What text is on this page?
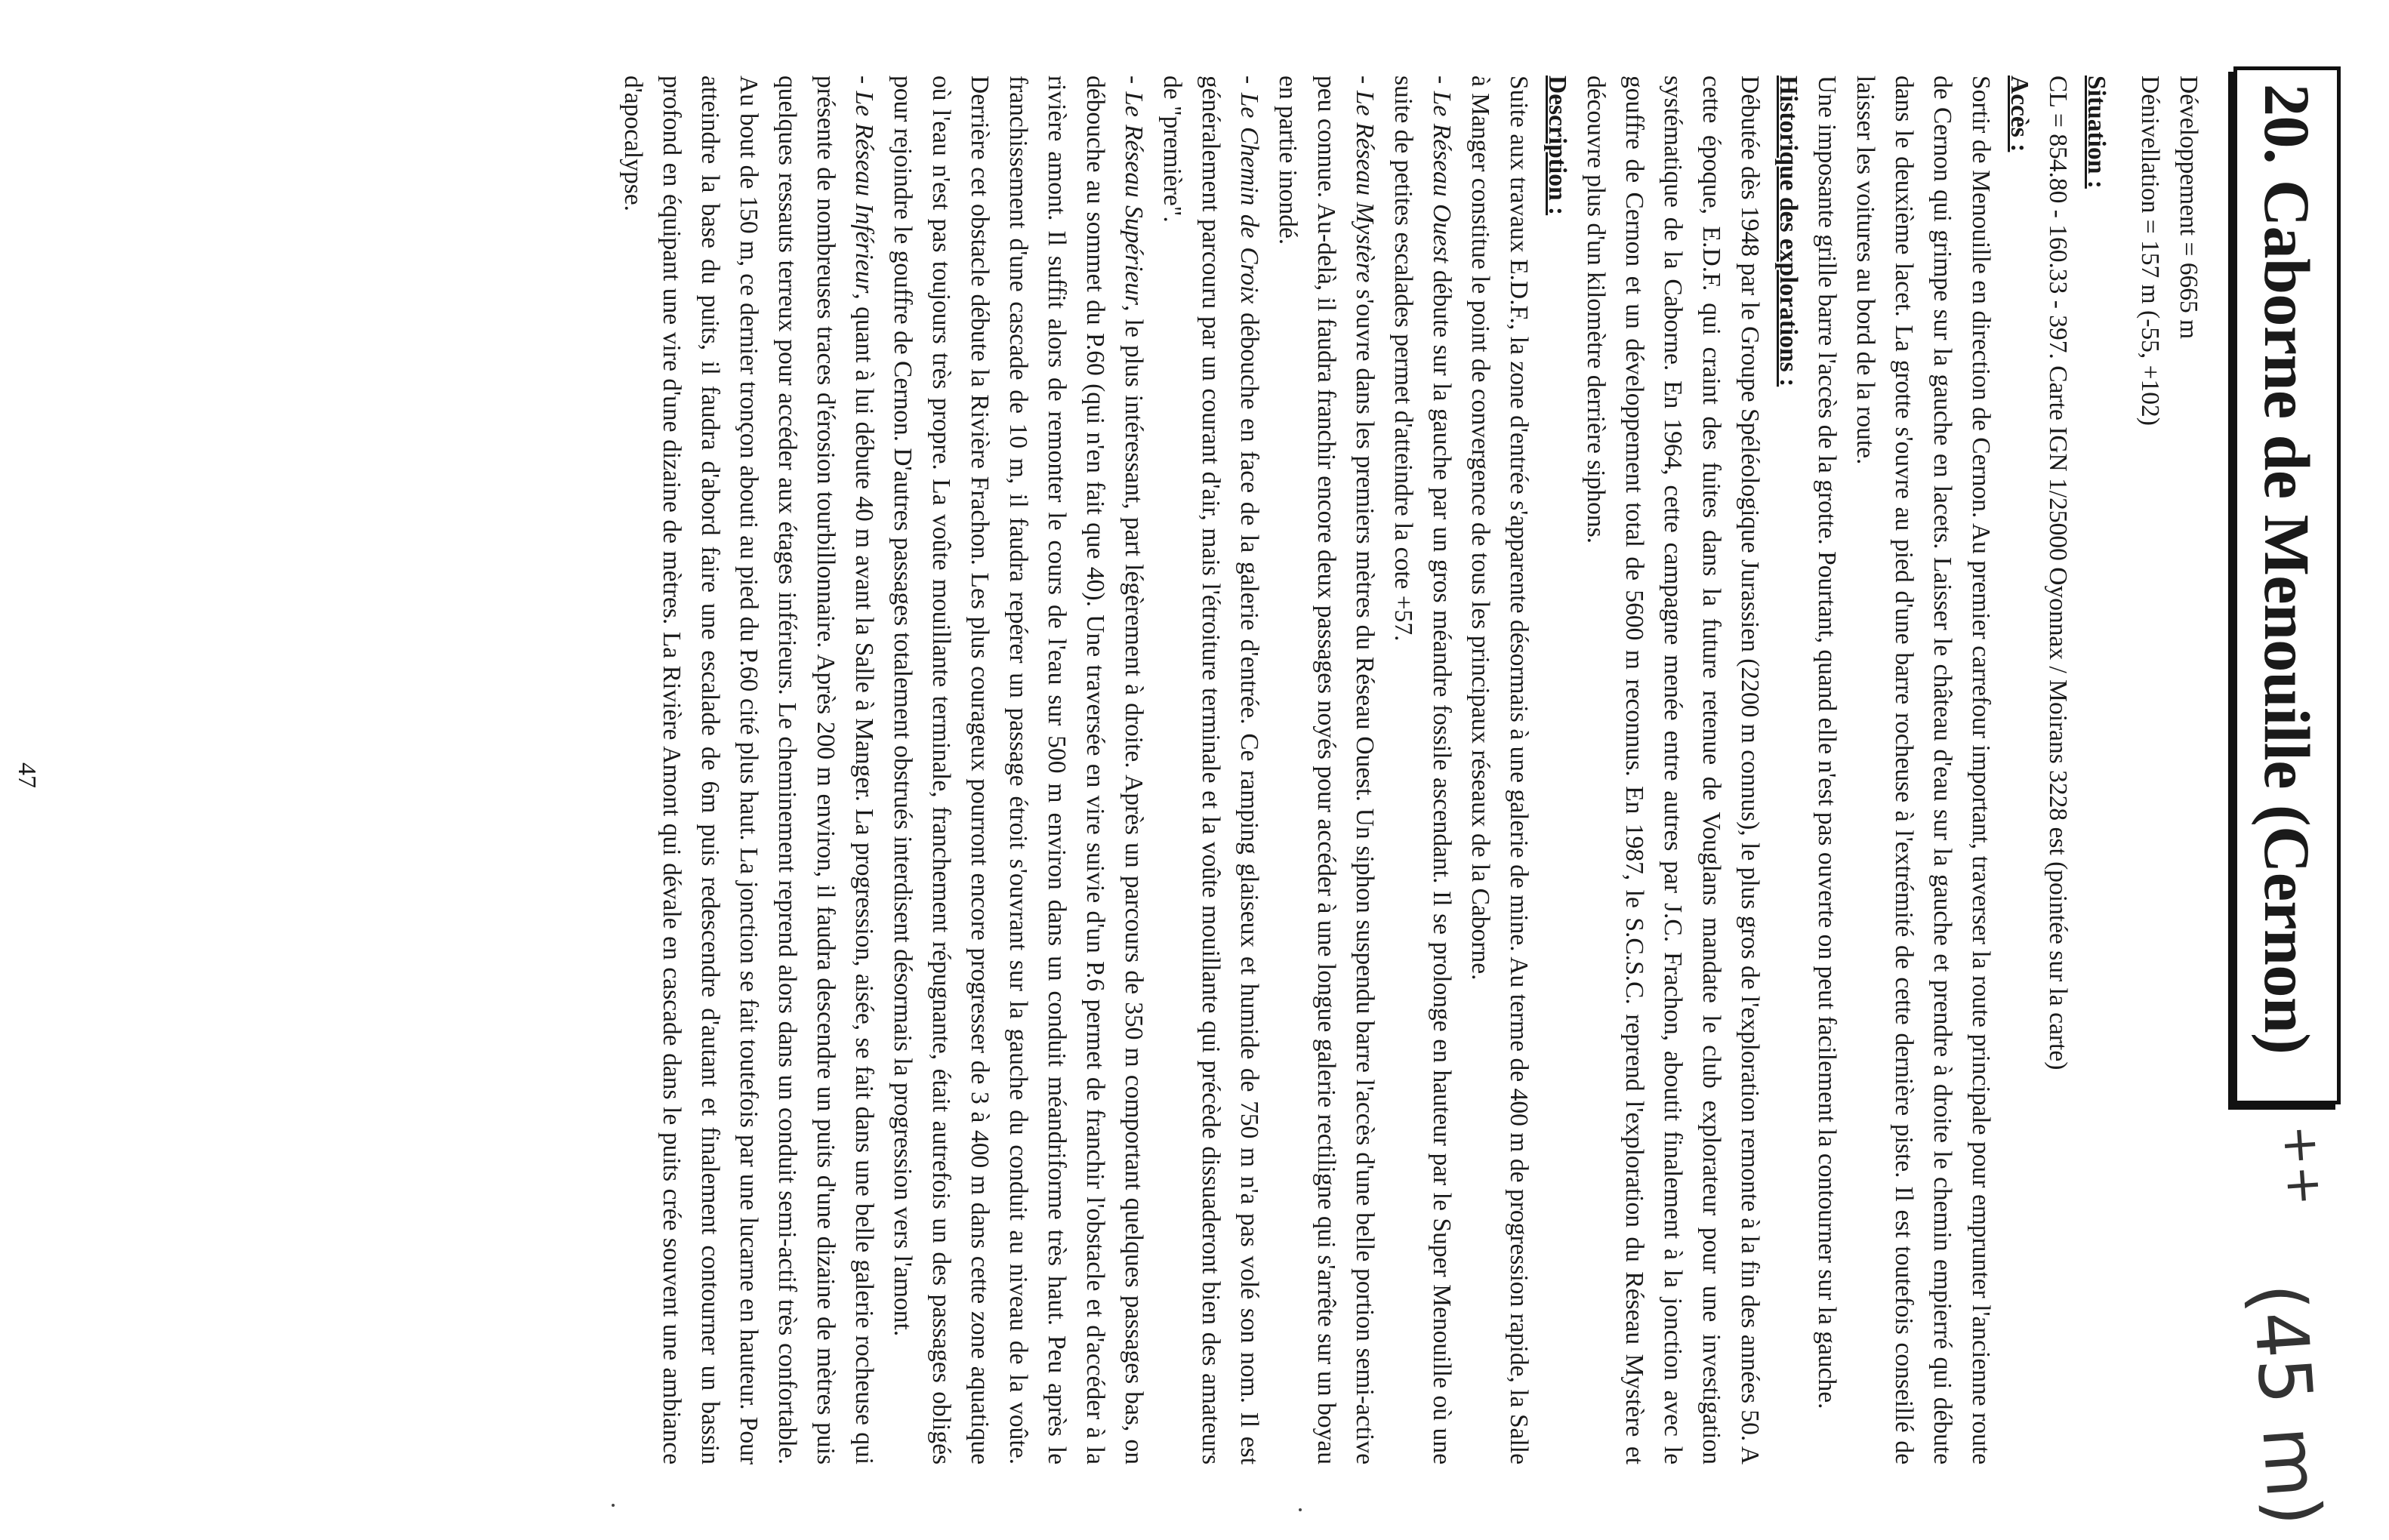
20. Caborne de Menouille (Cernon)
++
(45 m)

Développement = 6665 m

Dénivellation = 157 m (-55, +102)

Situation :

CL = 854.80 - 160.33 - 397. Carte IGN 1/25000 Oyonnax / Moirans 3228 est (pointée sur la carte)

Accès :

Sortir de Menouille en direction de Cernon. Au premier carrefour important, traverser la route principale pour emprunter l'ancienne route de Cernon qui grimpe sur la gauche en lacets. Laisser le château d'eau sur la gauche et prendre à droite le chemin empierré qui débute dans le deuxième lacet. La grotte s'ouvre au pied d'une barre rocheuse à l'extrémité de cette dernière piste. Il est toutefois conseillé de laisser les voitures au bord de la route.

Une imposante grille barre l'accès de la grotte. Pourtant, quand elle n'est pas ouverte on peut facilement la contourner sur la gauche.

Historique des explorations :

Débutée dès 1948 par le Groupe Spéléologique Jurassien (2200 m connus), le plus gros de l'exploration remonte à la fin des années 50. A cette époque, E.D.F. qui craint des fuites dans la future retenue de Vouglans mandate le club explorateur pour une investigation systématique de la Caborne. En 1964, cette campagne menée entre autres par J.C. Frachon, aboutit finalement à la jonction avec le gouffre de Cernon et un développement total de 5600 m reconnus. En 1987, le S.C.S.C. reprend l'exploration du Réseau Mystère et découvre plus d'un kilomètre derrière siphons.

Description :

Suite aux travaux E.D.F., la zone d'entrée s'apparente désormais à une galerie de mine. Au terme de 400 m de progression rapide, la Salle à Manger constitue le point de convergence de tous les principaux réseaux de la Caborne.

- Le Réseau Ouest débute sur la gauche par un gros méandre fossile ascendant. Il se prolonge en hauteur par le Super Menouille où une suite de petites escalades permet d'atteindre la cote +57.

- Le Réseau Mystère s'ouvre dans les premiers mètres du Réseau Ouest. Un siphon suspendu barre l'accès d'une belle portion semi-active peu connue. Au-delà, il faudra franchir encore deux passages noyés pour accéder à une longue galerie rectiligne qui s'arrête sur un boyau en partie inondé.

- Le Chemin de Croix débouche en face de la galerie d'entrée. Ce ramping glaiseux et humide de 750 m n'a pas volé son nom. Il est généralement parcouru par un courant d'air, mais l'étroiture terminale et la voûte mouillante qui précède dissuaderont bien des amateurs de "première".

- Le Réseau Supérieur, le plus intéressant, part légèrement à droite. Après un parcours de 350 m comportant quelques passages bas, on débouche au sommet du P.60 (qui n'en fait que 40). Une traversée en vire suivie d'un P.6 permet de franchir l'obstacle et d'accéder à la rivière amont. Il suffit alors de remonter le cours de l'eau sur 500 m environ dans un conduit méandriforme très haut. Peu après le franchissement d'une cascade de 10 m, il faudra repérer un passage étroit s'ouvrant sur la gauche du conduit au niveau de la voûte. Derrière cet obstacle débute la Rivière Frachon. Les plus courageux pourront encore progresser de 3 à 400 m dans cette zone aquatique où l'eau n'est pas toujours très propre. La voûte mouillante terminale, franchement répugnante, était autrefois un des passages obligés pour rejoindre le gouffre de Cernon. D'autres passages totalement obstrués interdisent désormais la progression vers l'amont.

- Le Réseau Inférieur, quant à lui débute 40 m avant la Salle à Manger. La progression, aisée, se fait dans une belle galerie rocheuse qui présente de nombreuses traces d'érosion tourbillonnaire. Après 200 m environ, il faudra descendre un puits d'une dizaine de mètres puis quelques ressauts terreux pour accéder aux étages inférieurs. Le cheminement reprend alors dans un conduit semi-actif très confortable. Au bout de 150 m, ce dernier tronçon abouti au pied du P.60 cité plus haut. La jonction se fait toutefois par une lucarne en hauteur. Pour atteindre la base du puits, il faudra d'abord faire une escalade de 6m puis redescendre d'autant et finalement contourner un bassin profond en équipant une vire d'une dizaine de mètres. La Rivière Amont qui dévale en cascade dans le puits crée souvent une ambiance d'apocalypse.

47
